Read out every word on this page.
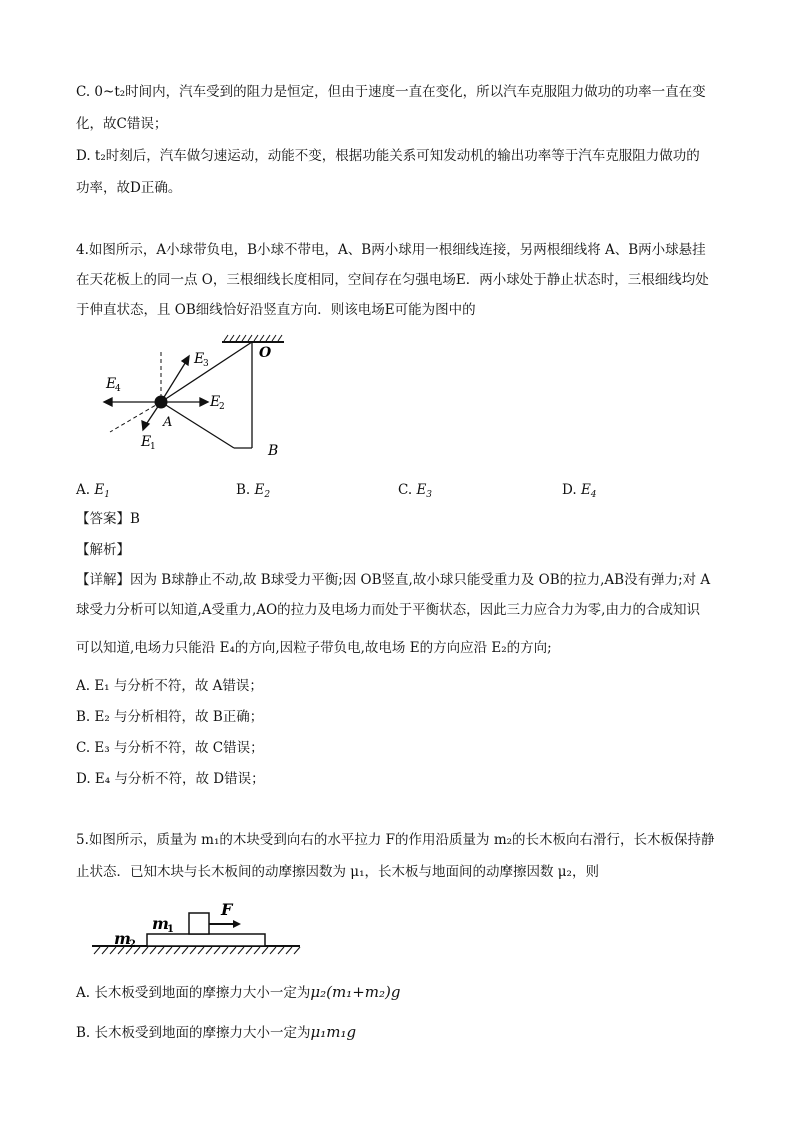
C. 0~t₂时间内，汽车受到的阻力是恒定，但由于速度一直在变化，所以汽车克服阻力做功的功率一直在变
化，故C错误；
D. t₂时刻后，汽车做匀速运动，动能不变，根据功能关系可知发动机的输出功率等于汽车克服阻力做功的
功率，故D正确。
4.如图所示，A小球带负电，B小球不带电，A、B两小球用一根细线连接，另两根细线将 A、B两小球悬挂
在天花板上的同一点 O，三根细线长度相同，空间存在匀强电场E．两小球处于静止状态时，三根细线均处
于伸直状态，且 OB细线恰好沿竖直方向．则该电场E可能为图中的
O
B
A
E
3
E
4
E
2
E
1
A. $E_1$	B. $E_2$	C. $E_3$	D. $E_4$
【答案】B
【解析】
【详解】因为 B球静止不动,故 B球受力平衡;因 OB竖直,故小球只能受重力及 OB的拉力,AB没有弹力;对 A
球受力分析可以知道,A受重力,AO的拉力及电场力而处于平衡状态，因此三力应合力为零,由力的合成知识
可以知道,电场力只能沿 E₄的方向,因粒子带负电,故电场 E的方向应沿 E₂的方向;
A. E₁ 与分析不符，故 A错误；
B. E₂ 与分析相符，故 B正确；
C. E₃ 与分析不符，故 C错误；
D. E₄ 与分析不符，故 D错误；
5.如图所示，质量为 m₁的木块受到向右的水平拉力 F的作用沿质量为 m₂的长木板向右滑行，长木板保持静
止状态．已知木块与长木板间的动摩擦因数为 μ₁，长木板与地面间的动摩擦因数 μ₂，则
m
1
F
m
2
A. 长木板受到地面的摩擦力大小一定为μ₂(m₁+m₂)g
B. 长木板受到地面的摩擦力大小一定为μ₁m₁g
